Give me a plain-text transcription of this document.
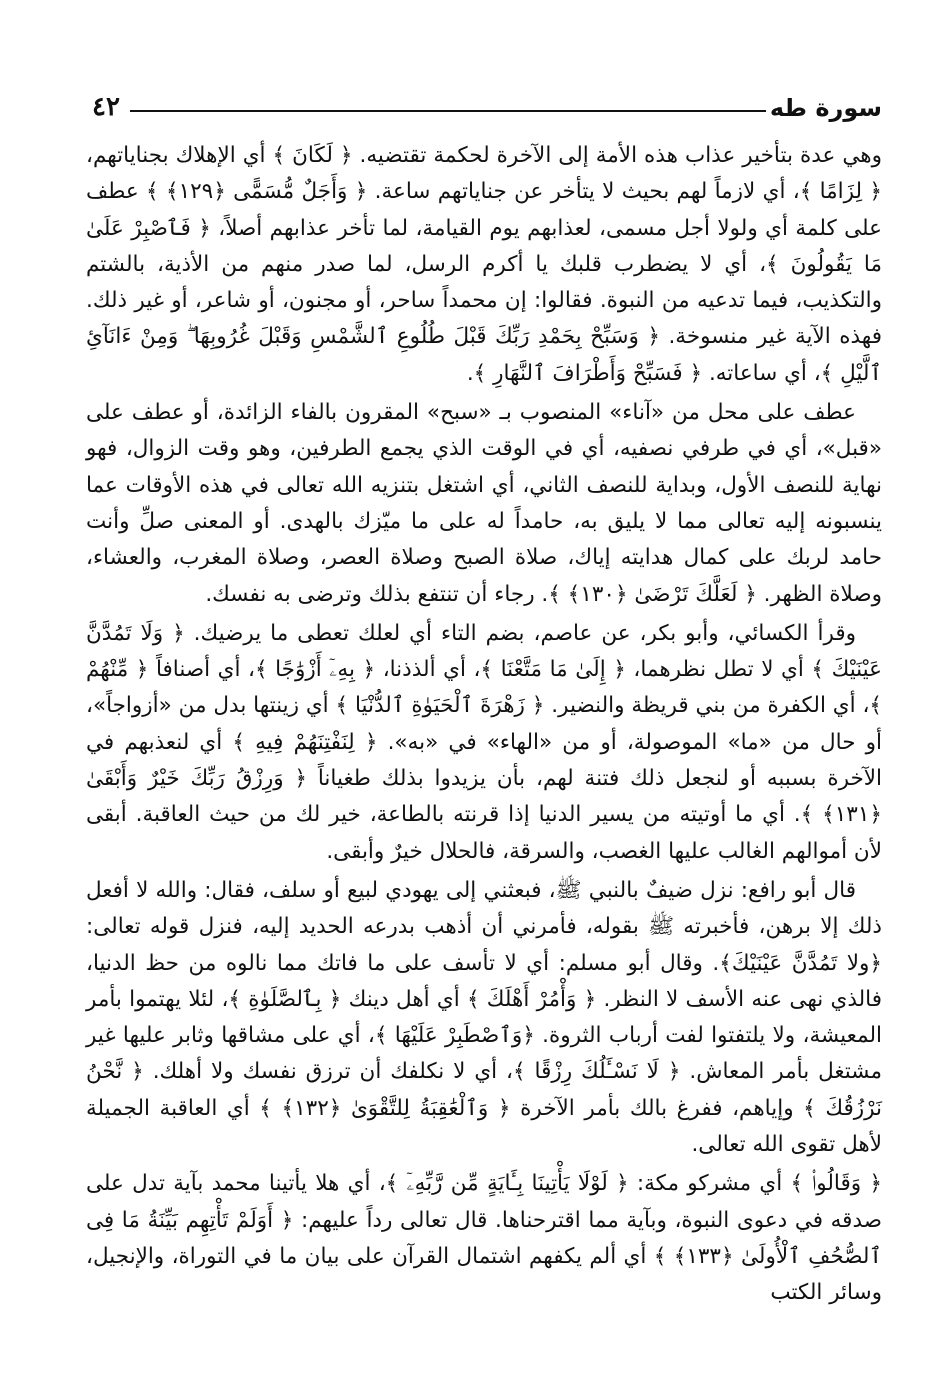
سورة طه
٤٢

وهي عدة بتأخير عذاب هذه الأمة إلى الآخرة لحكمة تقتضيه. ﴿ لَكَانَ ﴾ أي الإهلاك بجناياتهم، ﴿ لِزَامًا ﴾، أي لازماً لهم بحيث لا يتأخر عن جناياتهم ساعة. ﴿ وَأَجَلٌ مُّسَمًّى ﴿١٢٩﴾ ﴾ عطف على كلمة أي ولولا أجل مسمى، لعذابهم يوم القيامة، لما تأخر عذابهم أصلاً، ﴿ فَٱصْبِرْ عَلَىٰ مَا يَقُولُونَ ﴾، أي لا يضطرب قلبك يا أكرم الرسل، لما صدر منهم من الأذية، بالشتم والتكذيب، فيما تدعيه من النبوة. فقالوا: إن محمداً ساحر، أو مجنون، أو شاعر، أو غير ذلك. فهذه الآية غير منسوخة. ﴿ وَسَبِّحْ بِحَمْدِ رَبِّكَ قَبْلَ طُلُوعِ ٱلشَّمْسِ وَقَبْلَ غُرُوبِهَا ۖ وَمِنْ ءَانَآئِ ٱلَّيْلِ ﴾، أي ساعاته. ﴿ فَسَبِّحْ وَأَطْرَافَ ٱلنَّهَارِ ﴾.

عطف على محل من «آناء» المنصوب بـ «سبح» المقرون بالفاء الزائدة، أو عطف على «قبل»، أي في طرفي نصفيه، أي في الوقت الذي يجمع الطرفين، وهو وقت الزوال، فهو نهاية للنصف الأول، وبداية للنصف الثاني، أي اشتغل بتنزيه الله تعالى في هذه الأوقات عما ينسبونه إليه تعالى مما لا يليق به، حامداً له على ما ميّزك بالهدى. أو المعنى صلِّ وأنت حامد لربك على كمال هدايته إياك، صلاة الصبح وصلاة العصر، وصلاة المغرب، والعشاء، وصلاة الظهر. ﴿ لَعَلَّكَ تَرْضَىٰ ﴿١٣٠﴾ ﴾. رجاء أن تنتفع بذلك وترضى به نفسك.

وقرأ الكسائي، وأبو بكر، عن عاصم، بضم التاء أي لعلك تعطى ما يرضيك. ﴿ وَلَا تَمُدَّنَّ عَيْنَيْكَ ﴾ أي لا تطل نظرهما، ﴿ إِلَىٰ مَا مَتَّعْنَا ﴾، أي ألذذنا، ﴿ بِهِۦٓ أَزْوَٰجًا ﴾، أي أصنافاً ﴿ مِّنْهُمْ ﴾، أي الكفرة من بني قريظة والنضير. ﴿ زَهْرَةَ ٱلْحَيَوٰةِ ٱلدُّنْيَا ﴾ أي زينتها بدل من «أزواجاً»، أو حال من «ما» الموصولة، أو من «الهاء» في «به». ﴿ لِنَفْتِنَهُمْ فِيهِ ﴾ أي لنعذبهم في الآخرة بسببه أو لنجعل ذلك فتنة لهم، بأن يزيدوا بذلك طغياناً ﴿ وَرِزْقُ رَبِّكَ خَيْرٌ وَأَبْقَىٰ ﴿١٣١﴾ ﴾. أي ما أوتيته من يسير الدنيا إذا قرنته بالطاعة، خير لك من حيث العاقبة. أبقى لأن أموالهم الغالب عليها الغصب، والسرقة، فالحلال خيرٌ وأبقى.

قال أبو رافع: نزل ضيفٌ بالنبي ﷺ، فبعثني إلى يهودي لبيع أو سلف، فقال: والله لا أفعل ذلك إلا برهن، فأخبرته ﷺ بقوله، فأمرني أن أذهب بدرعه الحديد إليه، فنزل قوله تعالى: ﴿ولا تَمُدَّنَّ عَيْنَيْكَ﴾. وقال أبو مسلم: أي لا تأسف على ما فاتك مما نالوه من حظ الدنيا، فالذي نهى عنه الأسف لا النظر. ﴿ وَأْمُرْ أَهْلَكَ ﴾ أي أهل دينك ﴿ بِٱلصَّلَوٰةِ ﴾، لئلا يهتموا بأمر المعيشة، ولا يلتفتوا لفت أرباب الثروة. ﴿وَٱصْطَبِرْ عَلَيْهَا ﴾، أي على مشاقها وثابر عليها غير مشتغل بأمر المعاش. ﴿ لَا نَسْـَٔلُكَ رِزْقًا ﴾، أي لا نكلفك أن ترزق نفسك ولا أهلك. ﴿ نَّحْنُ نَرْزُقُكَ ﴾ وإياهم، ففرغ بالك بأمر الآخرة ﴿ وَٱلْعَٰقِبَةُ لِلتَّقْوَىٰ ﴿١٣٢﴾ ﴾ أي العاقبة الجميلة لأهل تقوى الله تعالى.

﴿ وَقَالُوا۟ ﴾ أي مشركو مكة: ﴿ لَوْلَا يَأْتِينَا بِـَٔايَةٍ مِّن رَّبِّهِۦٓ ﴾، أي هلا يأتينا محمد بآية تدل على صدقه في دعوى النبوة، وبآية مما اقترحناها. قال تعالى رداً عليهم: ﴿ أَوَلَمْ تَأْتِهِم بَيِّنَةُ مَا فِى ٱلصُّحُفِ ٱلْأُولَىٰ ﴿١٣٣﴾ ﴾ أي ألم يكفهم اشتمال القرآن على بيان ما في التوراة، والإنجيل، وسائر الكتب
